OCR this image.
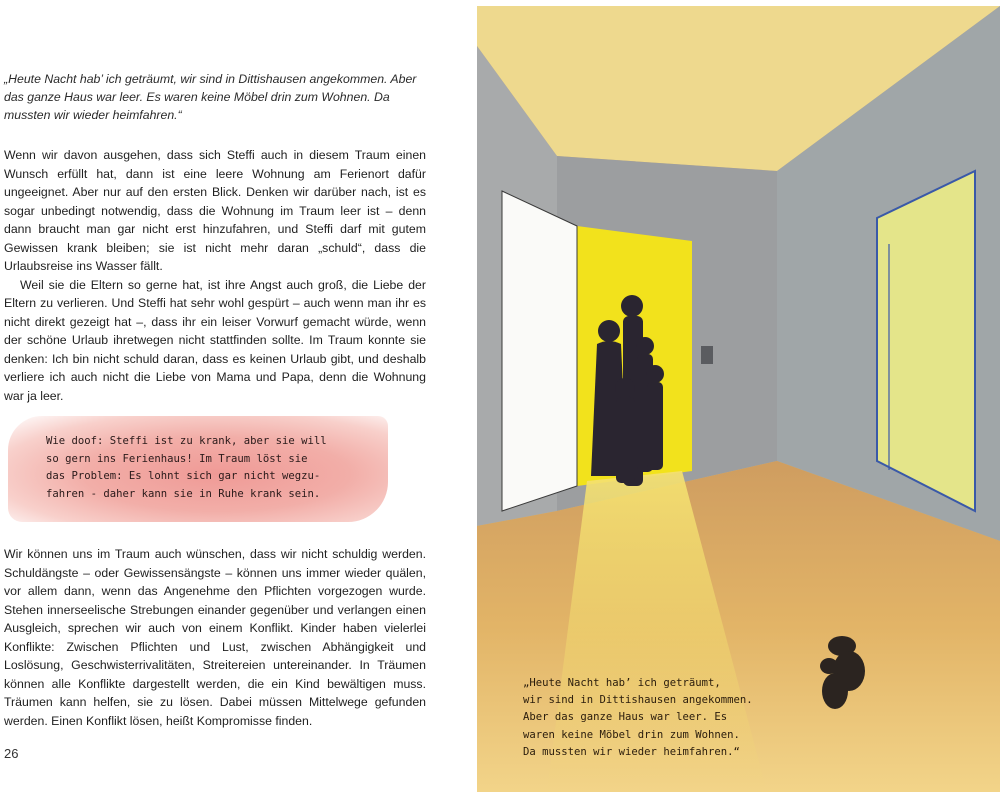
„Heute Nacht hab’ ich geträumt, wir sind in Dittishausen angekommen. Aber das ganze Haus war leer. Es waren keine Möbel drin zum Wohnen. Da mussten wir wieder heimfahren.“

Wenn wir davon ausgehen, dass sich Steffi auch in diesem Traum einen Wunsch erfüllt hat, dann ist eine leere Wohnung am Ferienort dafür ungeeignet. Aber nur auf den ersten Blick. Denken wir darüber nach, ist es sogar unbedingt notwendig, dass die Wohnung im Traum leer ist – denn dann braucht man gar nicht erst hinzufahren, und Steffi darf mit gutem Gewissen krank bleiben; sie ist nicht mehr daran „schuld“, dass die Urlaubsreise ins Wasser fällt.

Weil sie die Eltern so gerne hat, ist ihre Angst auch groß, die Liebe der Eltern zu verlieren. Und Steffi hat sehr wohl gespürt – auch wenn man ihr es nicht direkt gezeigt hat –, dass ihr ein leiser Vorwurf gemacht würde, wenn der schöne Urlaub ihretwegen nicht stattfinden sollte. Im Traum konnte sie denken: Ich bin nicht schuld daran, dass es keinen Urlaub gibt, und deshalb verliere ich auch nicht die Liebe von Mama und Papa, denn die Wohnung war ja leer.

Wie doof: Steffi ist zu krank, aber sie will
so gern ins Ferienhaus! Im Traum löst sie
das Problem: Es lohnt sich gar nicht wegzu-
fahren - daher kann sie in Ruhe krank sein.

Wir können uns im Traum auch wünschen, dass wir nicht schuldig werden. Schuldängste – oder Gewissensängste – können uns immer wieder quälen, vor allem dann, wenn das Angenehme den Pflichten vorgezogen wurde. Stehen innerseelische Strebungen einander gegenüber und verlangen einen Ausgleich, sprechen wir auch von einem Konflikt. Kinder haben vielerlei Konflikte: Zwischen Pflichten und Lust, zwischen Abhängigkeit und Loslösung, Geschwisterrivalitäten, Streitereien untereinander. In Träumen können alle Konflikte dargestellt werden, die ein Kind bewältigen muss. Träumen kann helfen, sie zu lösen. Dabei müssen Mittelwege gefunden werden. Einen Konflikt lösen, heißt Kompromisse finden.

26

„Heute Nacht hab’ ich geträumt,
wir sind in Dittishausen angekommen.
Aber das ganze Haus war leer. Es
waren keine Möbel drin zum Wohnen.
Da mussten wir wieder heimfahren.“
